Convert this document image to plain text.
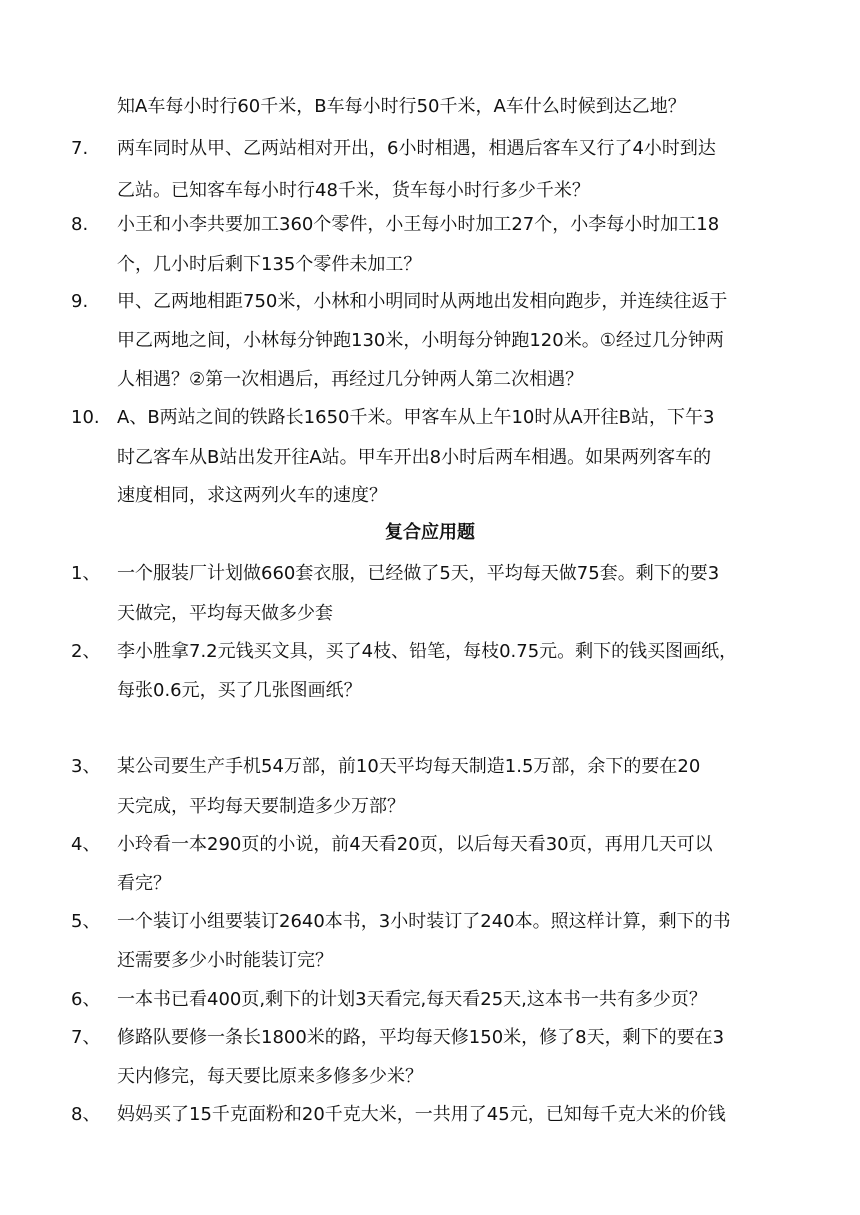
知A车每小时行60千米，B车每小时行50千米，A车什么时候到达乙地？
7. 两车同时从甲、乙两站相对开出，6小时相遇，相遇后客车又行了4小时到达
乙站。已知客车每小时行48千米，货车每小时行多少千米？
8. 小王和小李共要加工360个零件，小王每小时加工27个，小李每小时加工18
个，几小时后剩下135个零件未加工？
9. 甲、乙两地相距750米，小林和小明同时从两地出发相向跑步，并连续往返于
甲乙两地之间，小林每分钟跑130米，小明每分钟跑120米。①经过几分钟两
人相遇？②第一次相遇后，再经过几分钟两人第二次相遇？
10. A、B两站之间的铁路长1650千米。甲客车从上午10时从A开往B站，下午3
时乙客车从B站出发开往A站。甲车开出8小时后两车相遇。如果两列客车的
速度相同，求这两列火车的速度？
复合应用题
1、 一个服装厂计划做660套衣服，已经做了5天，平均每天做75套。剩下的要3
天做完，平均每天做多少套
2、 李小胜拿7.2元钱买文具，买了4枝、铅笔，每枝0.75元。剩下的钱买图画纸，
每张0.6元，买了几张图画纸？
3、 某公司要生产手机54万部，前10天平均每天制造1.5万部，余下的要在20
天完成，平均每天要制造多少万部？
4、 小玲看一本290页的小说，前4天看20页，以后每天看30页，再用几天可以
看完？
5、 一个装订小组要装订2640本书，3小时装订了240本。照这样计算，剩下的书
还需要多少小时能装订完？
6、 一本书已看400页,剩下的计划3天看完,每天看25天,这本书一共有多少页？
7、 修路队要修一条长1800米的路，平均每天修150米，修了8天，剩下的要在3
天内修完，每天要比原来多修多少米？
8、 妈妈买了15千克面粉和20千克大米，一共用了45元，已知每千克大米的价钱
